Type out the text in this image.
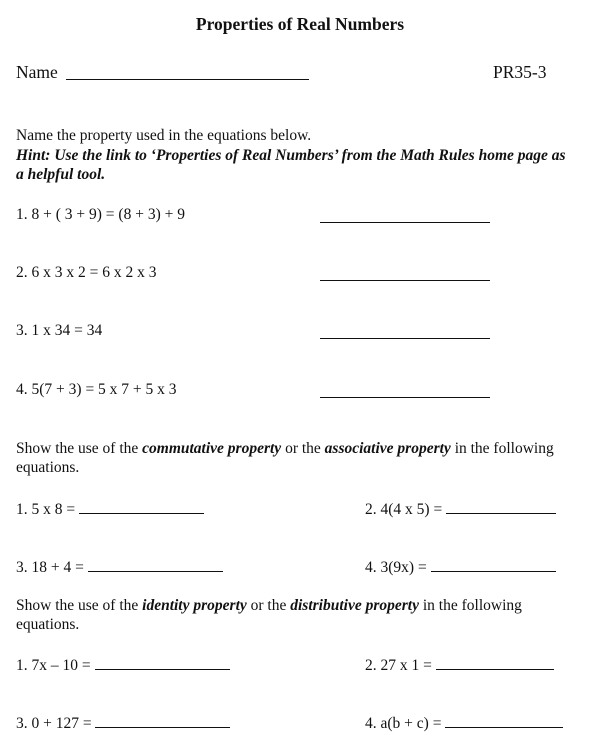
Properties of Real Numbers
Name	PR35-3
Name the property used in the equations below.
Hint: Use the link to ‘Properties of Real Numbers’ from the Math Rules home page as a helpful tool.
1. 8 + ( 3 + 9) = (8 + 3) + 9
2. 6 x 3 x 2 = 6 x 2 x 3
3. 1 x 34 = 34
4. 5(7 + 3) = 5 x 7 + 5 x 3
Show the use of the commutative property or the associative property in the following equations.
1. 5 x 8 =	2. 4(4 x 5) =
3. 18 + 4 =	4. 3(9x) =
Show the use of the identity property or the distributive property in the following equations.
1. 7x – 10 =	2. 27 x 1 =
3. 0 + 127 =	4. a(b + c) =
